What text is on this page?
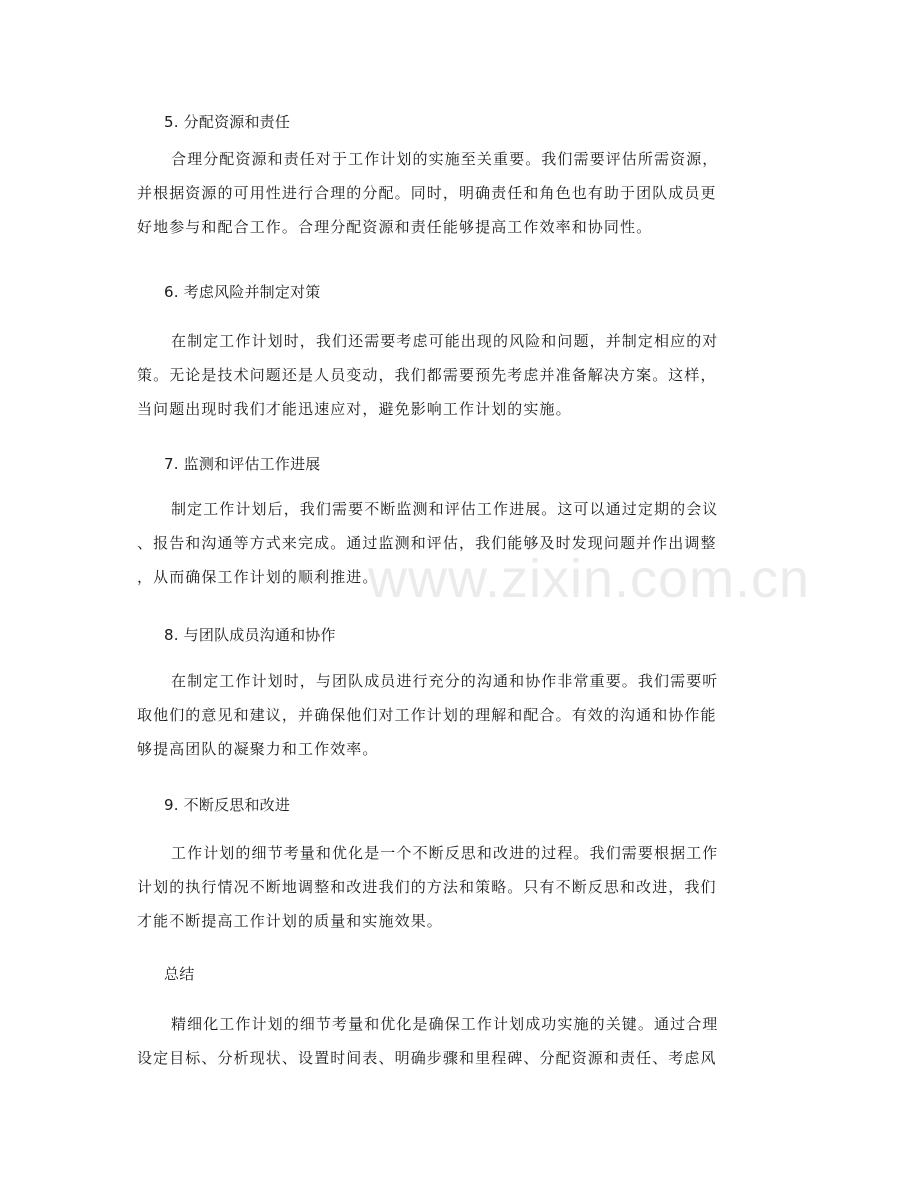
5. 分配资源和责任
合理分配资源和责任对于工作计划的实施至关重要。我们需要评估所需资源，
并根据资源的可用性进行合理的分配。同时，明确责任和角色也有助于团队成员更
好地参与和配合工作。合理分配资源和责任能够提高工作效率和协同性。
6. 考虑风险并制定对策
在制定工作计划时，我们还需要考虑可能出现的风险和问题，并制定相应的对
策。无论是技术问题还是人员变动，我们都需要预先考虑并准备解决方案。这样，
当问题出现时我们才能迅速应对，避免影响工作计划的实施。
7. 监测和评估工作进展
制定工作计划后，我们需要不断监测和评估工作进展。这可以通过定期的会议
、报告和沟通等方式来完成。通过监测和评估，我们能够及时发现问题并作出调整
，从而确保工作计划的顺利推进。
8. 与团队成员沟通和协作
在制定工作计划时，与团队成员进行充分的沟通和协作非常重要。我们需要听
取他们的意见和建议，并确保他们对工作计划的理解和配合。有效的沟通和协作能
够提高团队的凝聚力和工作效率。
9. 不断反思和改进
工作计划的细节考量和优化是一个不断反思和改进的过程。我们需要根据工作
计划的执行情况不断地调整和改进我们的方法和策略。只有不断反思和改进，我们
才能不断提高工作计划的质量和实施效果。
总结
精细化工作计划的细节考量和优化是确保工作计划成功实施的关键。通过合理
设定目标、分析现状、设置时间表、明确步骤和里程碑、分配资源和责任、考虑风
www.zixin.com.cn
